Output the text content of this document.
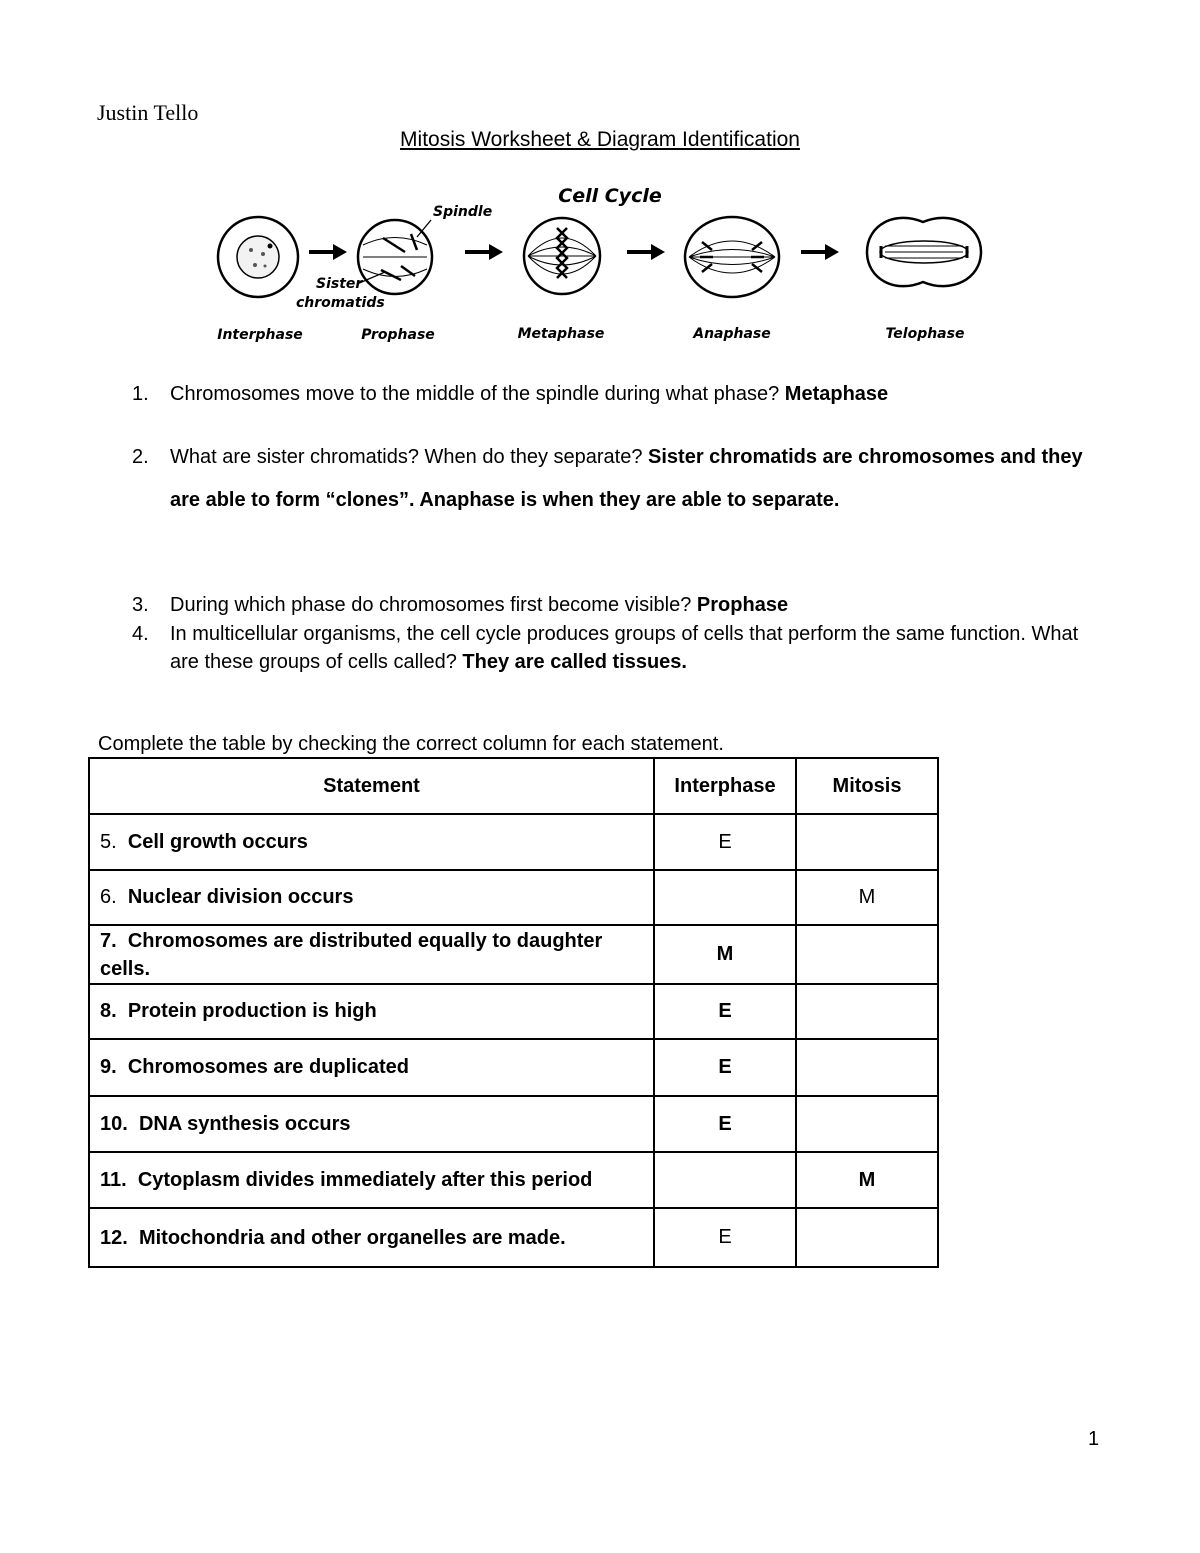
Justin Tello
Mitosis Worksheet & Diagram Identification
Cell Cycle
Spindle
Sister
chromatids
Interphase	Prophase	Metaphase	Anaphase	Telophase
1. Chromosomes move to the middle of the spindle during what phase? Metaphase
2. What are sister chromatids? When do they separate? Sister chromatids are chromosomes and they are able to form “clones”. Anaphase is when they are able to separate.
3. During which phase do chromosomes first become visible? Prophase
4. In multicellular organisms, the cell cycle produces groups of cells that perform the same function. What are these groups of cells called? They are called tissues.
Complete the table by checking the correct column for each statement.
Statement	Interphase	Mitosis
5. Cell growth occurs	E	
6. Nuclear division occurs		M
7. Chromosomes are distributed equally to daughter cells.	M	
8. Protein production is high	E	
9. Chromosomes are duplicated	E	
10. DNA synthesis occurs	E	
11. Cytoplasm divides immediately after this period		M
12. Mitochondria and other organelles are made.	E	
1
